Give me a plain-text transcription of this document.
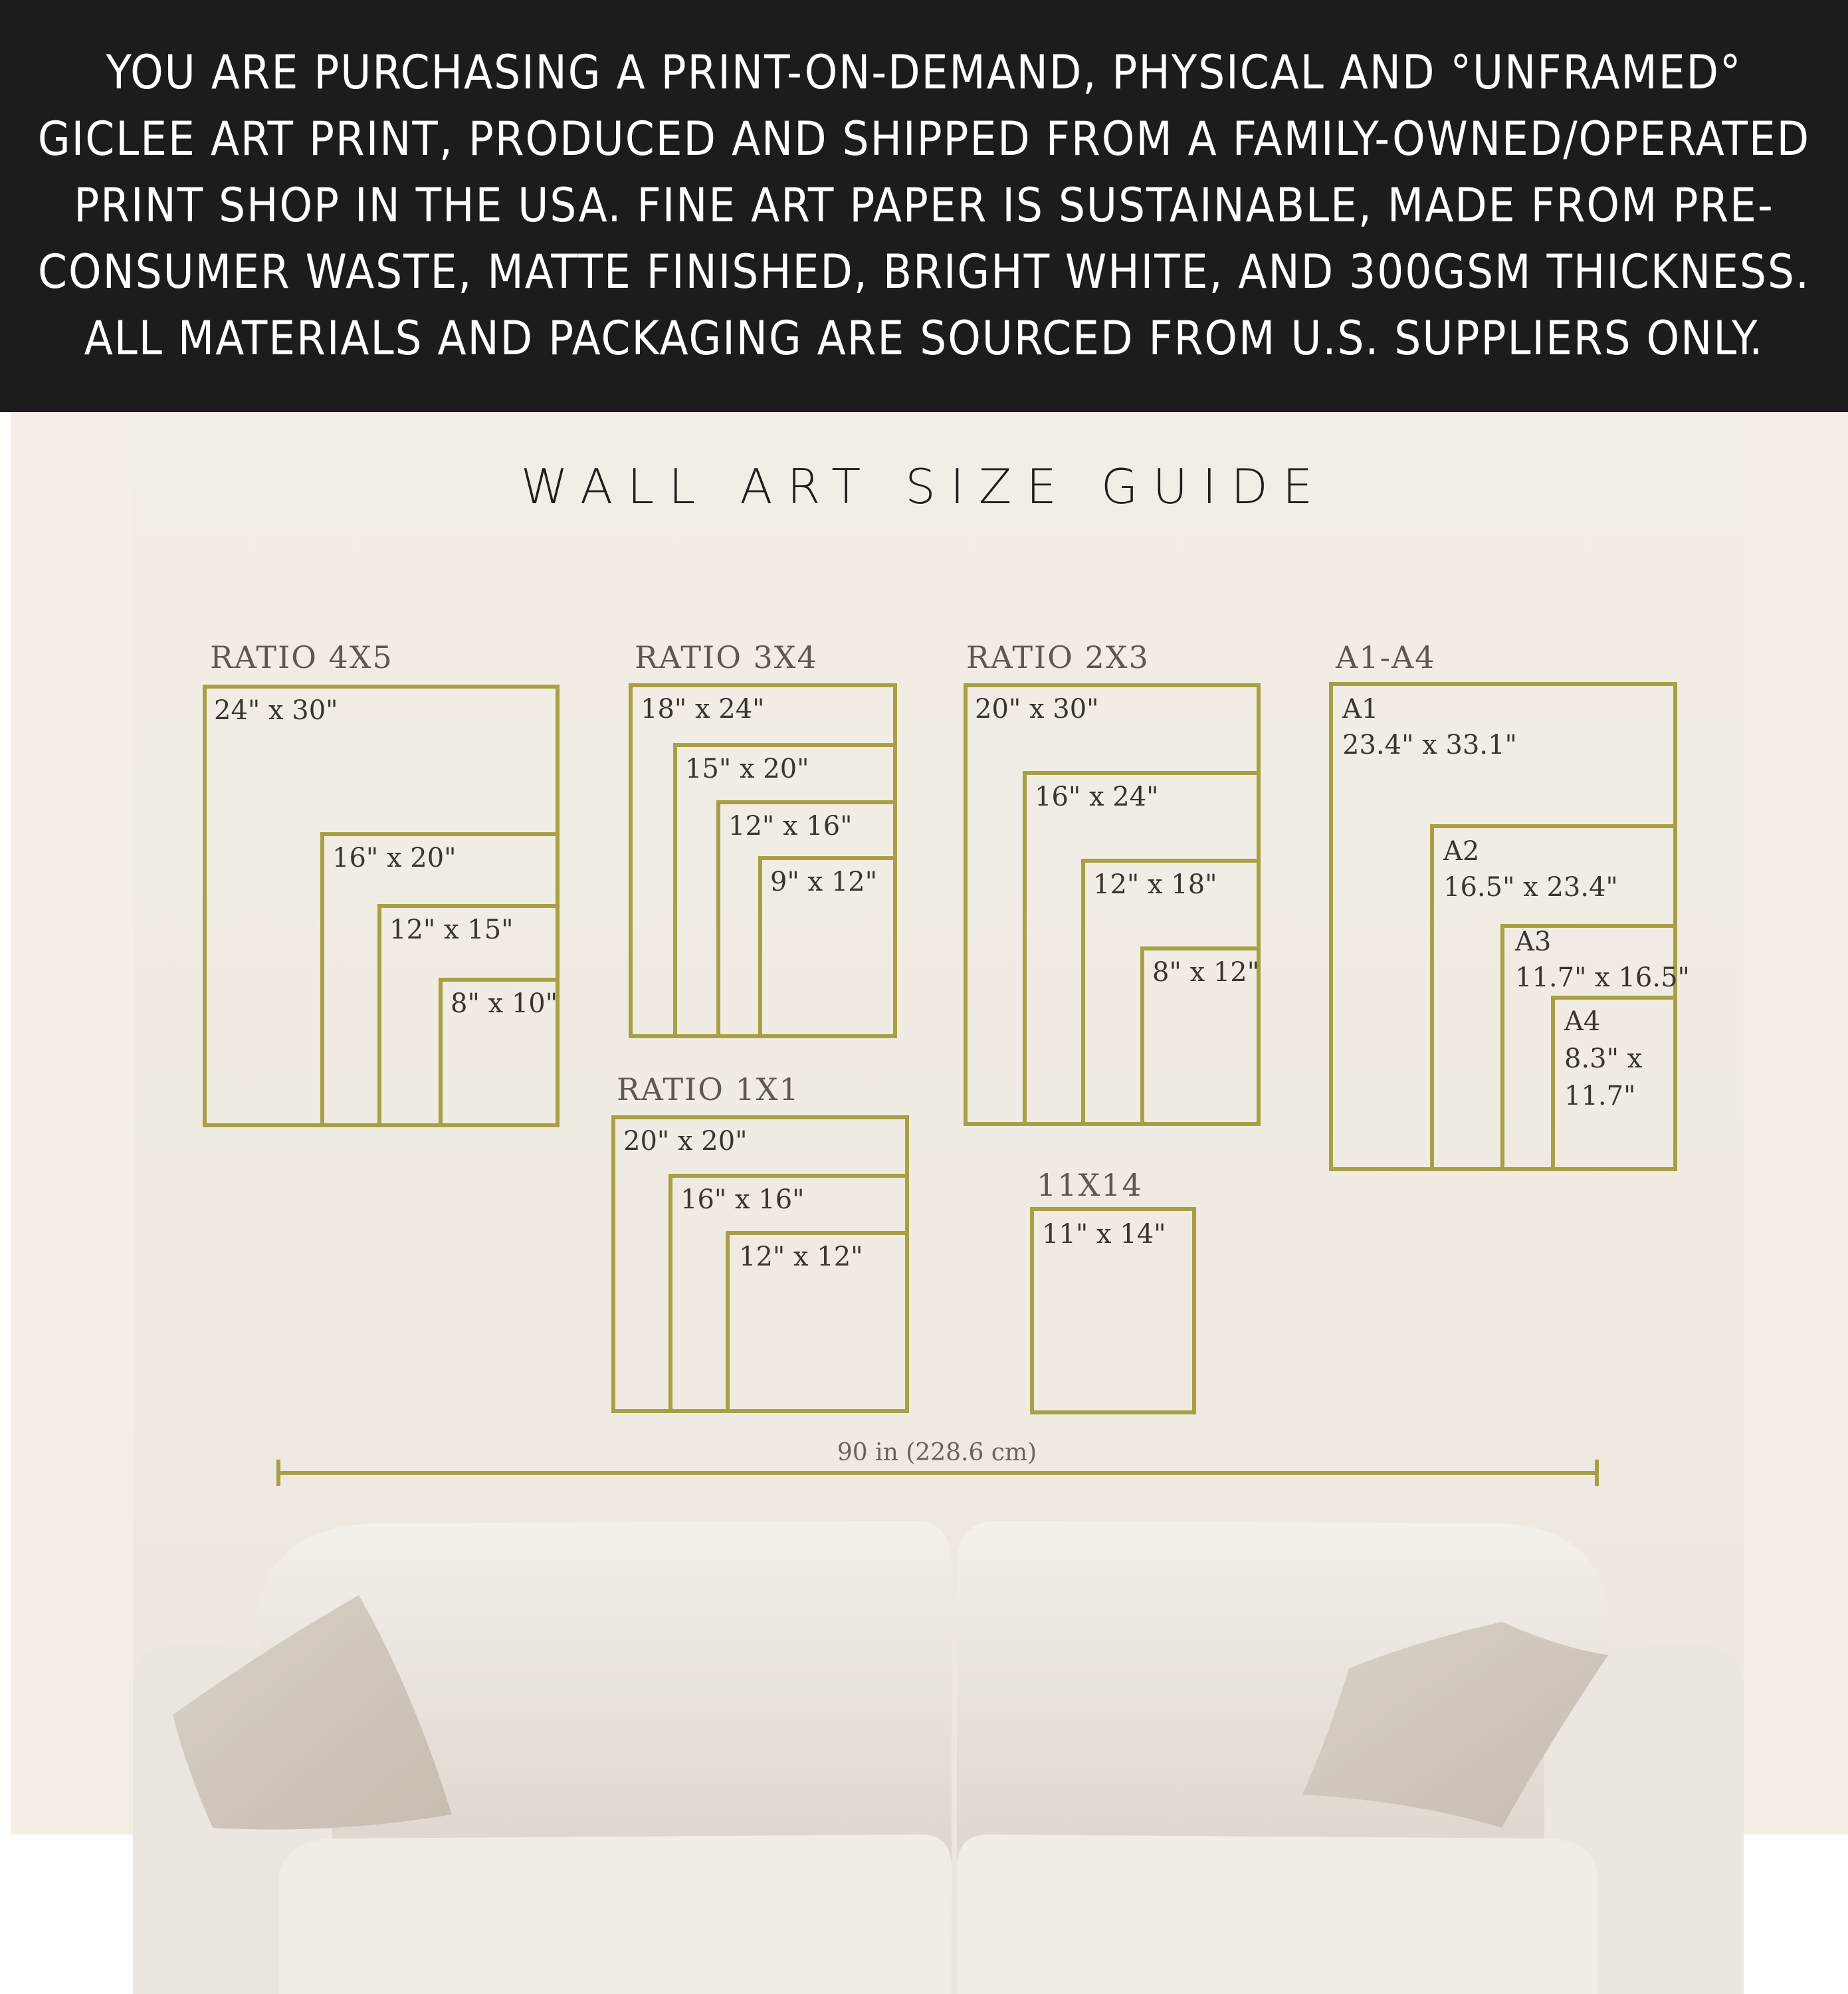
YOU ARE PURCHASING A PRINT-ON-DEMAND, PHYSICAL AND °UNFRAMED°
GICLEE ART PRINT, PRODUCED AND SHIPPED FROM A FAMILY-OWNED/OPERATED
PRINT SHOP IN THE USA. FINE ART PAPER IS SUSTAINABLE, MADE FROM PRE-
CONSUMER WASTE, MATTE FINISHED, BRIGHT WHITE, AND 300GSM THICKNESS.
ALL MATERIALS AND PACKAGING ARE SOURCED FROM U.S. SUPPLIERS ONLY.
WALL ART SIZE GUIDE
RATIO 4X5
24" x 30"
16" x 20"
12" x 15"
8" x 10"
RATIO 3X4
18" x 24"
15" x 20"
12" x 16"
9" x 12"
RATIO 2X3
20" x 30"
16" x 24"
12" x 18"
8" x 12"
A1-A4
A1
23.4" x 33.1"
A2
16.5" x 23.4"
A3
11.7" x 16.5"
A4
8.3" x
11.7"
RATIO 1X1
20" x 20"
16" x 16"
12" x 12"
11X14
11" x 14"
90 in (228.6 cm)
